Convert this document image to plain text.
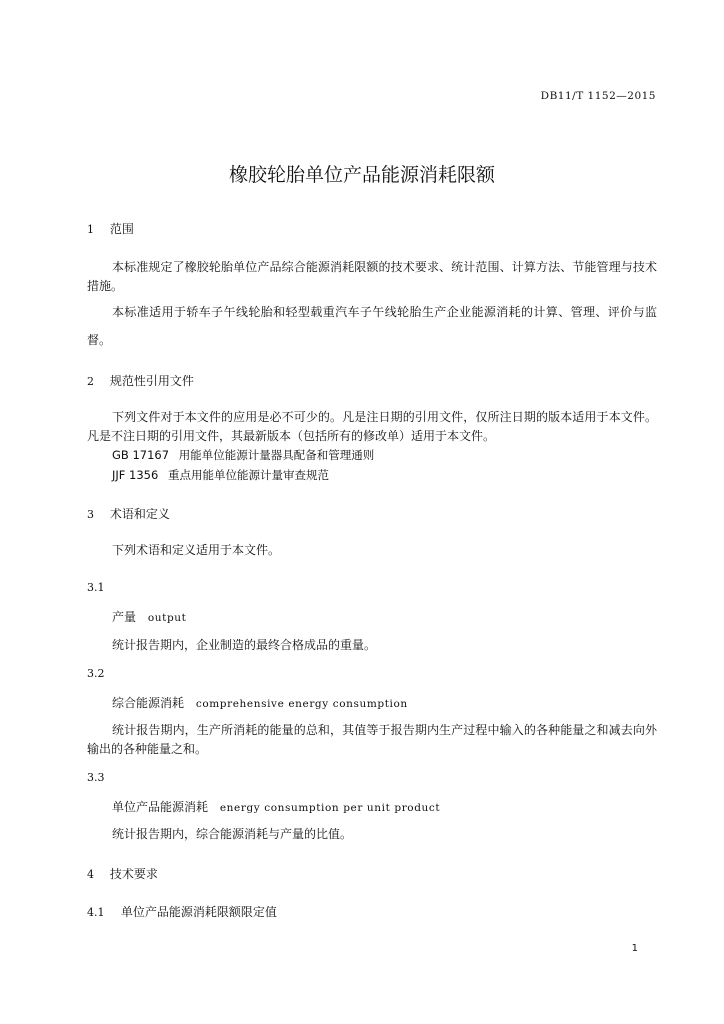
DB11/T 1152—2015
橡胶轮胎单位产品能源消耗限额
1 范围
本标准规定了橡胶轮胎单位产品综合能源消耗限额的技术要求、统计范围、计算方法、节能管理与技术措施。
本标准适用于轿车子午线轮胎和轻型载重汽车子午线轮胎生产企业能源消耗的计算、管理、评价与监督。
2 规范性引用文件
下列文件对于本文件的应用是必不可少的。凡是注日期的引用文件，仅所注日期的版本适用于本文件。凡是不注日期的引用文件，其最新版本（包括所有的修改单）适用于本文件。
GB 17167 用能单位能源计量器具配备和管理通则
JJF 1356 重点用能单位能源计量审查规范
3 术语和定义
下列术语和定义适用于本文件。
3.1
产量 output
统计报告期内，企业制造的最终合格成品的重量。
3.2
综合能源消耗 comprehensive energy consumption
统计报告期内，生产所消耗的能量的总和，其值等于报告期内生产过程中输入的各种能量之和减去向外输出的各种能量之和。
3.3
单位产品能源消耗 energy consumption per unit product
统计报告期内，综合能源消耗与产量的比值。
4 技术要求
4.1 单位产品能源消耗限额限定值
1
